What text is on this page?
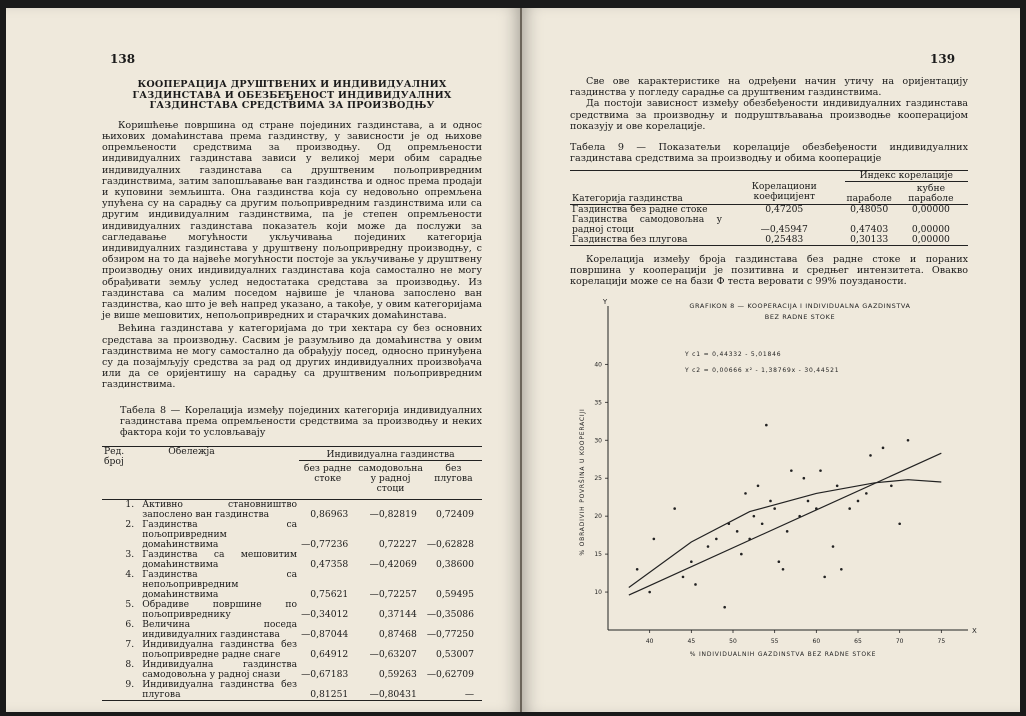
138
КООПЕРАЦИЈА ДРУШТВЕНИХ И ИНДИВИДУАЛНИХ ГАЗДИНСТАВА И ОБЕЗБЕЂЕНОСТ ИНДИВИДУАЛНИХ ГАЗДИНСТАВА СРЕДСТВИМА ЗА ПРОИЗВОДЊУ

Коришћење површина од стране појединих газдинстава, а и однос њихових домаћинстава према газдинству, у зависности је од њихове опремљености средствима за производњу. Од опремљености индивидуалних газдинстава зависи у великој мери обим сарадње индивидуалних газдинстава са друштвеним пољопривредним газдинствима, затим запошљавање ван газдинства и однос према продаји и куповини земљишта. Она газдинства која су недовољно опремљена упућена су на сарадњу са другим пољопривредним газдинствима или са другим индивидуалним газдинствима, па је степен опремљености индивидуалних газдинстава показатељ који може да послужи за сагледавање могућности укључивања појединих категорија индивидуалних газдинстава у друштвену пољопривредну производњу, с обзиром на то да највеће могућности постоје за укључивање у друштвену производњу оних индивидуалних газдинстава која самостално не могу обрађивати земљу услед недостатака средстава за производњу. Из газдинстава са малим поседом највише је чланова запослено ван газдинства, као што је већ напред указано, а такође, у овим категоријама је више мешовитих, непољопривредних и старачких домаћинстава.

Већина газдинстава у категоријама до три хектара су без основних средстава за производњу. Сасвим је разумљиво да домаћинства у овим газдинствима не могу самостално да обрађују посед, односно принуђена су да позајмљују средства за рад од других индивидуалних произвођача или да се оријентишу на сарадњу са друштвеним пољопривредним газдинствима.

Табела 8 — Корелација између појединих категорија индивидуалних газдинстава према опремљености средствима за производњу и неких фактора који то условљавају
Ред. број	Обележја	Индивидуална газдинства		
		без радне стоке	самодовољна у радној стоци	без плугова
1.	Активно становништво запослено ван газдинства	0,86963	—0,82819	0,72409
2.	Газдинства са пољопривредним домаћинствима	—0,77236	0,72227	—0,62828
3.	Газдинства са мешовитим домаћинствима	0,47358	—0,42069	0,38600
4.	Газдинства са непољопривредним домаћинствима	0,75621	—0,72257	0,59495
5.	Обрадиве површине по пољопривреднику	—0,34012	0,37144	—0,35086
6.	Величина поседа индивидуалних газдинстава	—0,87044	0,87468	—0,77250
7.	Индивидуална газдинства без пољопривредне радне снаге	0,64912	—0,63207	0,53007
8.	Индивидуална газдинства самодовољна у радној снази	—0,67183	0,59263	—0,62709
9.	Индивидуална газдинства без плугова	0,81251	—0,80431	—
139

Све ове карактеристике на одређени начин утичу на оријентацију газдинства у погледу сарадње са друштвеним газдинствима.

Да постоји зависност између обезбеђености индивидуалних газдинстава средствима за производњу и подруштвљавања производње кооперацијом показују и ове корелације.

Табела 9 — Показатељи корелације обезбеђености индивидуалних газдинстава средствима за производњу и обима кооперације
Категорија газдинства		Индекс корелације	
	Корелациони коефицијент	параболе	кубне параболе
Газдинства без радне стоке	0,47205	0,48050	0,00000
Газдинства самодовољна у радној стоци	—0,45947	0,47403	0,00000
Газдинства без плугова	0,25483	0,30133	0,00000

Корелација између броја газдинстава без радне стоке и пораних површина у кооперацији је позитивна и средњег интензитета. Овакво корелацији може се на бази Ф теста веровати с 99% поузданости.

GRAFIKON 8 — KOOPERACIJA I INDIVIDUALNA GAZDINSTVA
BEZ RADNE STOKE
Y c1 = 0,44332 - 5,01846
Y c2 = 0,00666 x² - 1,38769x - 30,44521
X
Y
40	45	50	55	60	65	70	75
10
15
20
25
30
35
40
% INDIVIDUALNIH GAZDINSTVA BEZ RADNE STOKE
% OBRADIVIH POVRŠINA U KOOPERACIJI
